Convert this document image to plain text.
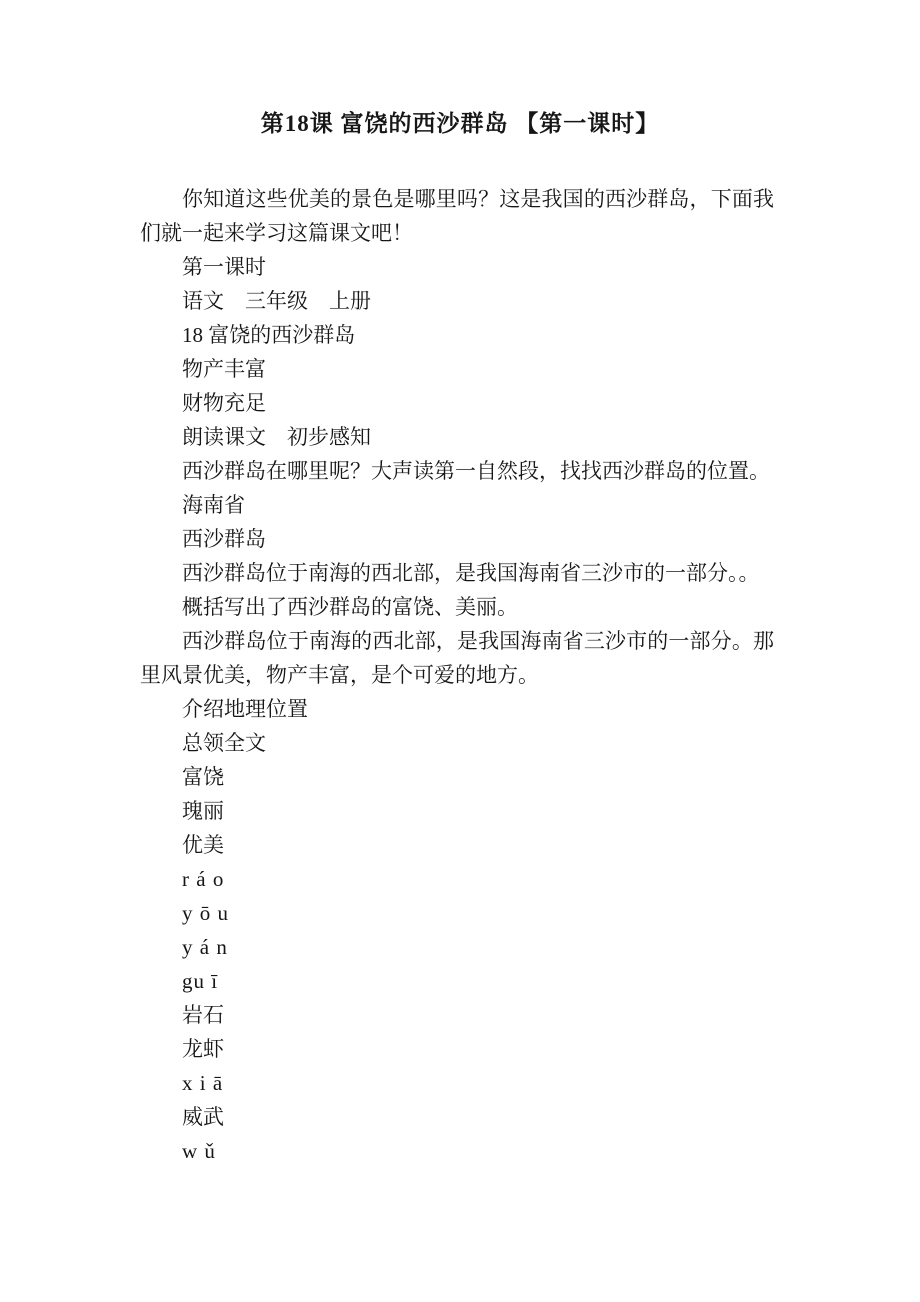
第18课 富饶的西沙群岛 【第一课时】

你知道这些优美的景色是哪里吗？这是我国的西沙群岛，下面我们就一起来学习这篇课文吧！

第一课时

语文　三年级　上册

18 富饶的西沙群岛

物产丰富

财物充足

朗读课文　初步感知

西沙群岛在哪里呢？大声读第一自然段，找找西沙群岛的位置。

海南省

西沙群岛

西沙群岛位于南海的西北部，是我国海南省三沙市的一部分。。

概括写出了西沙群岛的富饶、美丽。

西沙群岛位于南海的西北部，是我国海南省三沙市的一部分。那里风景优美，物产丰富，是个可爱的地方。

介绍地理位置

总领全文

富饶

瑰丽

优美

r á o

y ō u

y á n

gu ī

岩石

龙虾

x i ā

威武

w ǔ
